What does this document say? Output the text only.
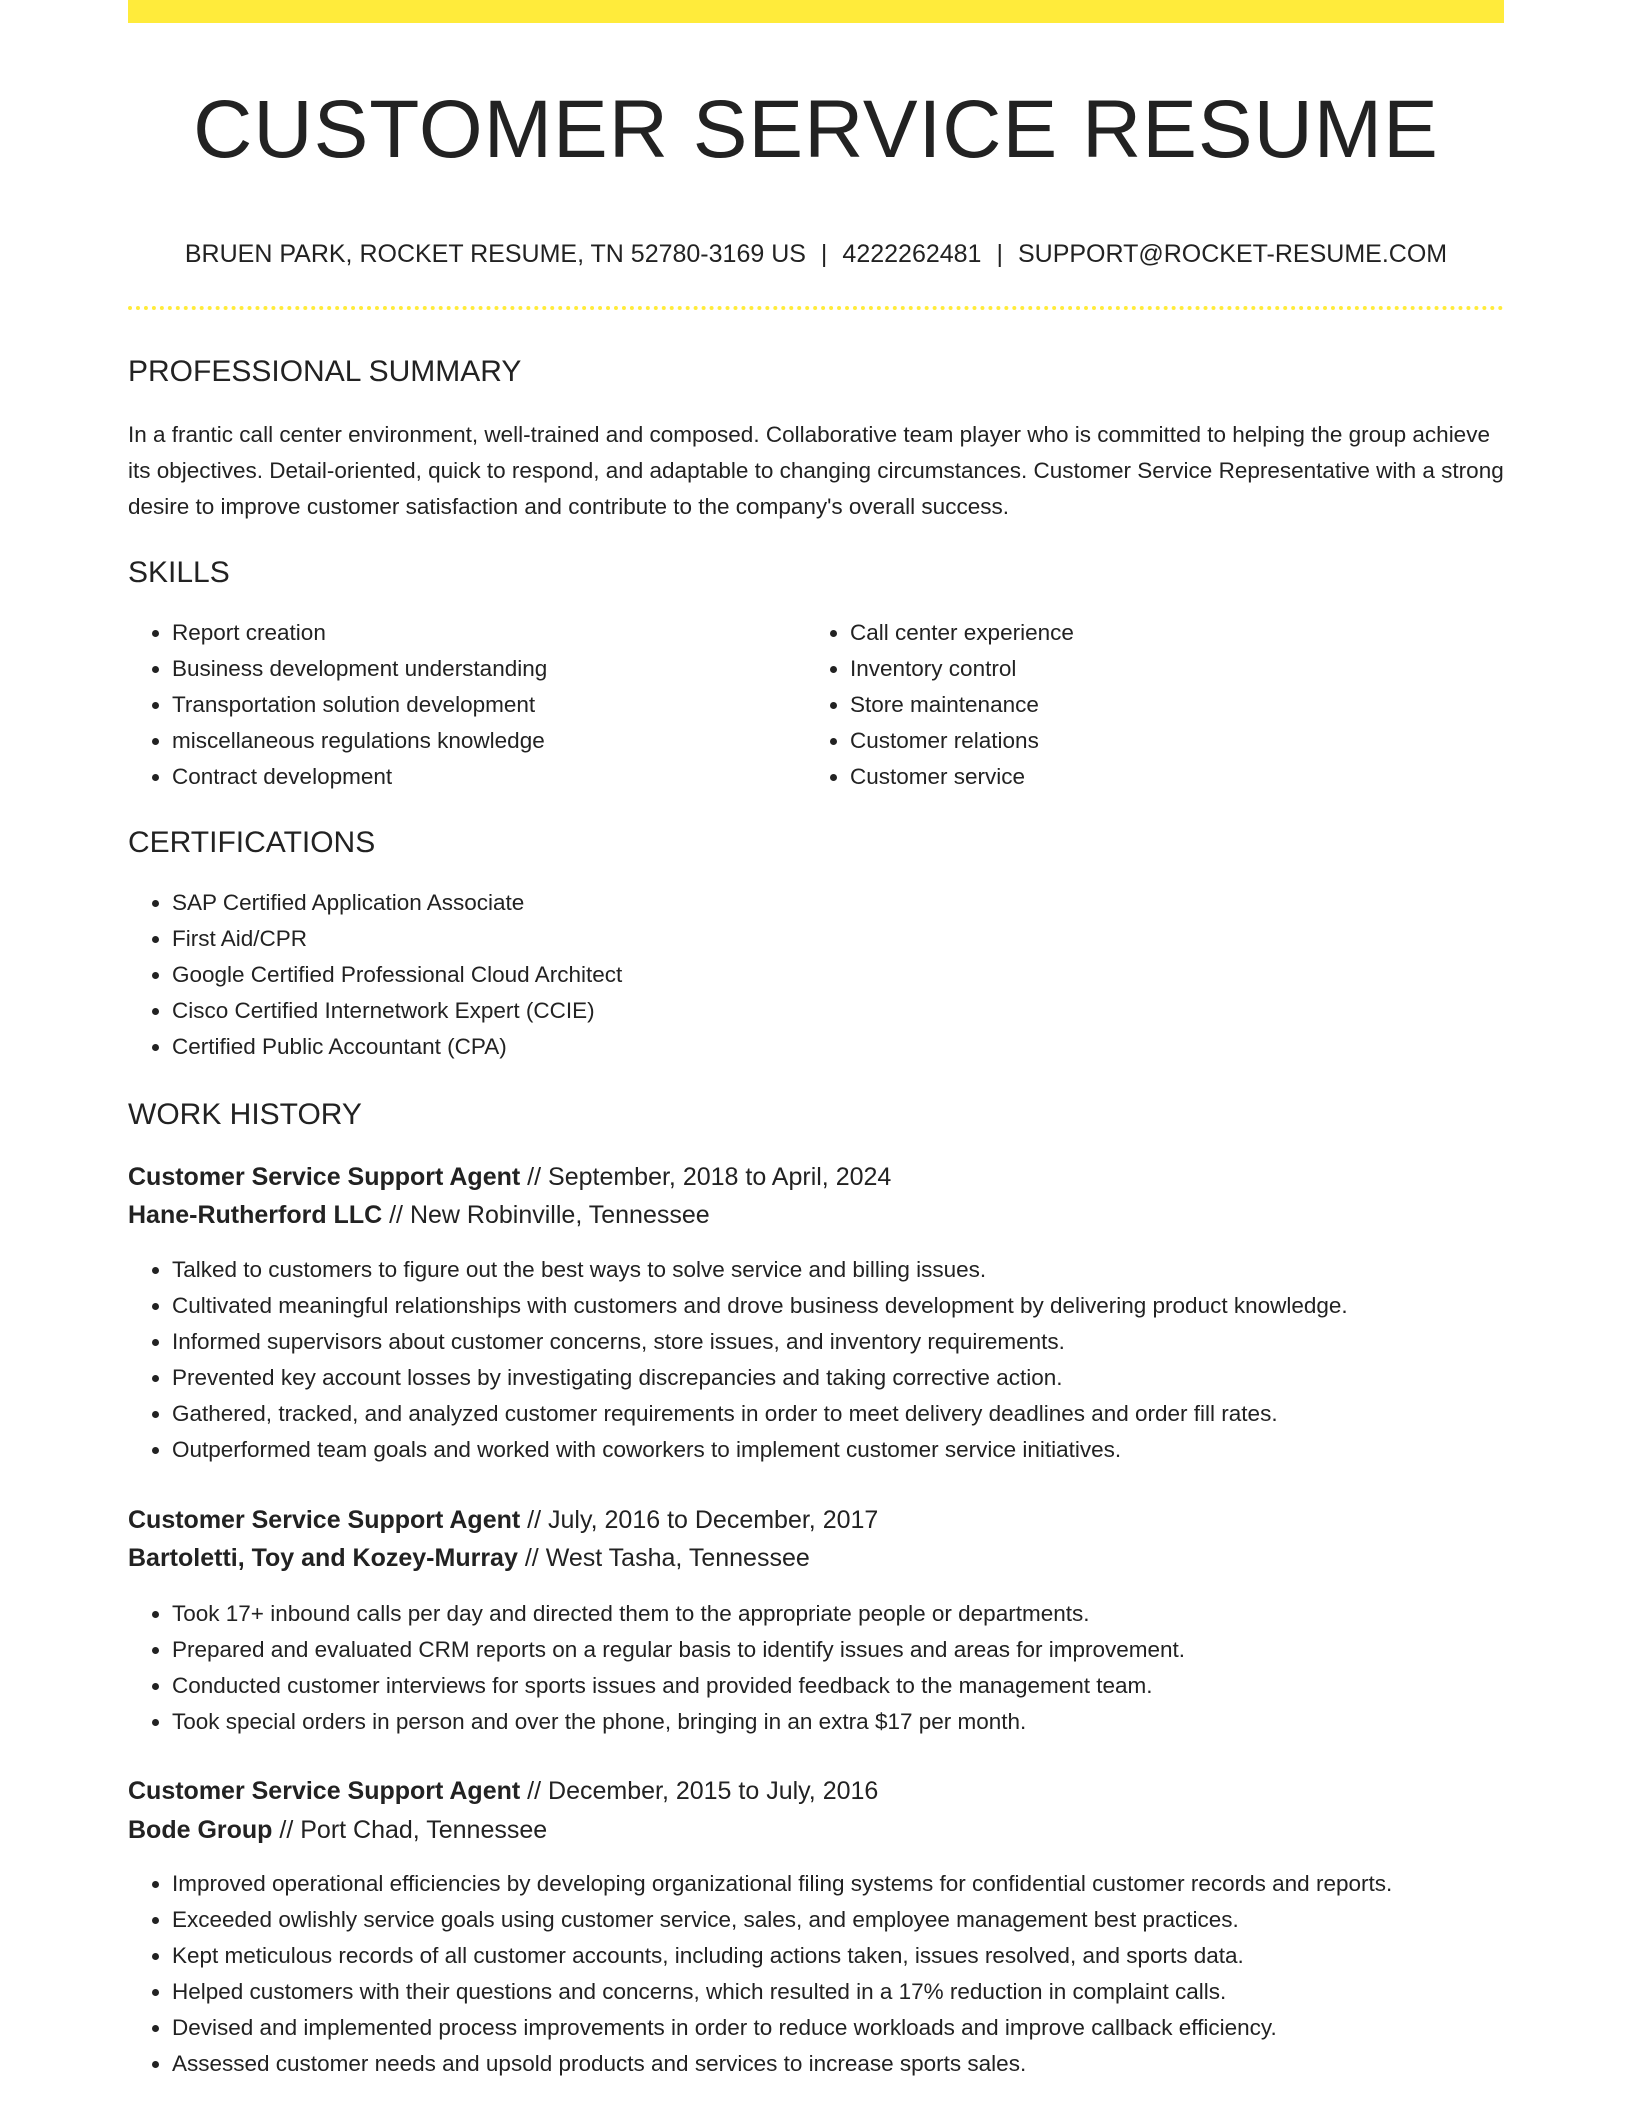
CUSTOMER SERVICE RESUME
BRUEN PARK, ROCKET RESUME, TN 52780-3169 US | 4222262481 | SUPPORT@ROCKET-RESUME.COM
PROFESSIONAL SUMMARY
In a frantic call center environment, well-trained and composed. Collaborative team player who is committed to helping the group achieve its objectives. Detail-oriented, quick to respond, and adaptable to changing circumstances. Customer Service Representative with a strong desire to improve customer satisfaction and contribute to the company's overall success.
SKILLS
• Report creation
• Business development understanding
• Transportation solution development
• miscellaneous regulations knowledge
• Contract development
• Call center experience
• Inventory control
• Store maintenance
• Customer relations
• Customer service
CERTIFICATIONS
• SAP Certified Application Associate
• First Aid/CPR
• Google Certified Professional Cloud Architect
• Cisco Certified Internetwork Expert (CCIE)
• Certified Public Accountant (CPA)
WORK HISTORY
Customer Service Support Agent // September, 2018 to April, 2024
Hane-Rutherford LLC // New Robinville, Tennessee
• Talked to customers to figure out the best ways to solve service and billing issues.
• Cultivated meaningful relationships with customers and drove business development by delivering product knowledge.
• Informed supervisors about customer concerns, store issues, and inventory requirements.
• Prevented key account losses by investigating discrepancies and taking corrective action.
• Gathered, tracked, and analyzed customer requirements in order to meet delivery deadlines and order fill rates.
• Outperformed team goals and worked with coworkers to implement customer service initiatives.
Customer Service Support Agent // July, 2016 to December, 2017
Bartoletti, Toy and Kozey-Murray // West Tasha, Tennessee
• Took 17+ inbound calls per day and directed them to the appropriate people or departments.
• Prepared and evaluated CRM reports on a regular basis to identify issues and areas for improvement.
• Conducted customer interviews for sports issues and provided feedback to the management team.
• Took special orders in person and over the phone, bringing in an extra $17 per month.
Customer Service Support Agent // December, 2015 to July, 2016
Bode Group // Port Chad, Tennessee
• Improved operational efficiencies by developing organizational filing systems for confidential customer records and reports.
• Exceeded owlishly service goals using customer service, sales, and employee management best practices.
• Kept meticulous records of all customer accounts, including actions taken, issues resolved, and sports data.
• Helped customers with their questions and concerns, which resulted in a 17% reduction in complaint calls.
• Devised and implemented process improvements in order to reduce workloads and improve callback efficiency.
• Assessed customer needs and upsold products and services to increase sports sales.
